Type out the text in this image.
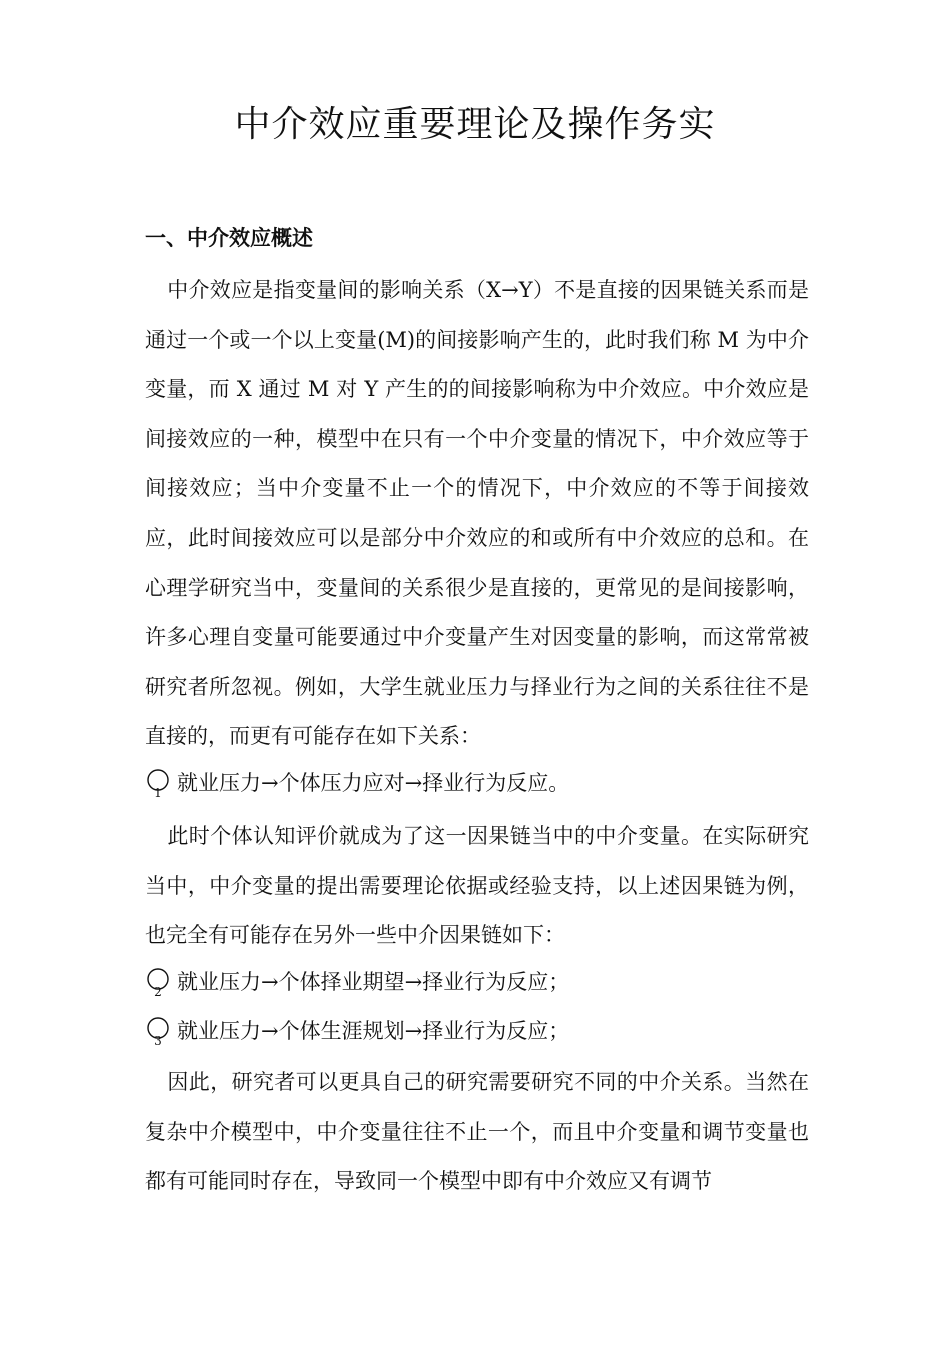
中介效应重要理论及操作务实
一、中介效应概述

中介效应是指变量间的影响关系（X→Y）不是直接的因果链关系而是通过一个或一个以上变量(M)的间接影响产生的，此时我们称 M 为中介变量，而 X 通过 M 对 Y 产生的的间接影响称为中介效应。中介效应是间接效应的一种，模型中在只有一个中介变量的情况下，中介效应等于间接效应；当中介变量不止一个的情况下，中介效应的不等于间接效应，此时间接效应可以是部分中介效应的和或所有中介效应的总和。在心理学研究当中，变量间的关系很少是直接的，更常见的是间接影响，许多心理自变量可能要通过中介变量产生对因变量的影响，而这常常被研究者所忽视。例如，大学生就业压力与择业行为之间的关系往往不是直接的，而更有可能存在如下关系：

1 就业压力→个体压力应对→择业行为反应。

此时个体认知评价就成为了这一因果链当中的中介变量。在实际研究当中，中介变量的提出需要理论依据或经验支持，以上述因果链为例，也完全有可能存在另外一些中介因果链如下：

2 就业压力→个体择业期望→择业行为反应；
3 就业压力→个体生涯规划→择业行为反应；

因此，研究者可以更具自己的研究需要研究不同的中介关系。当然在复杂中介模型中，中介变量往往不止一个，而且中介变量和调节变量也都有可能同时存在，导致同一个模型中即有中介效应又有调节
